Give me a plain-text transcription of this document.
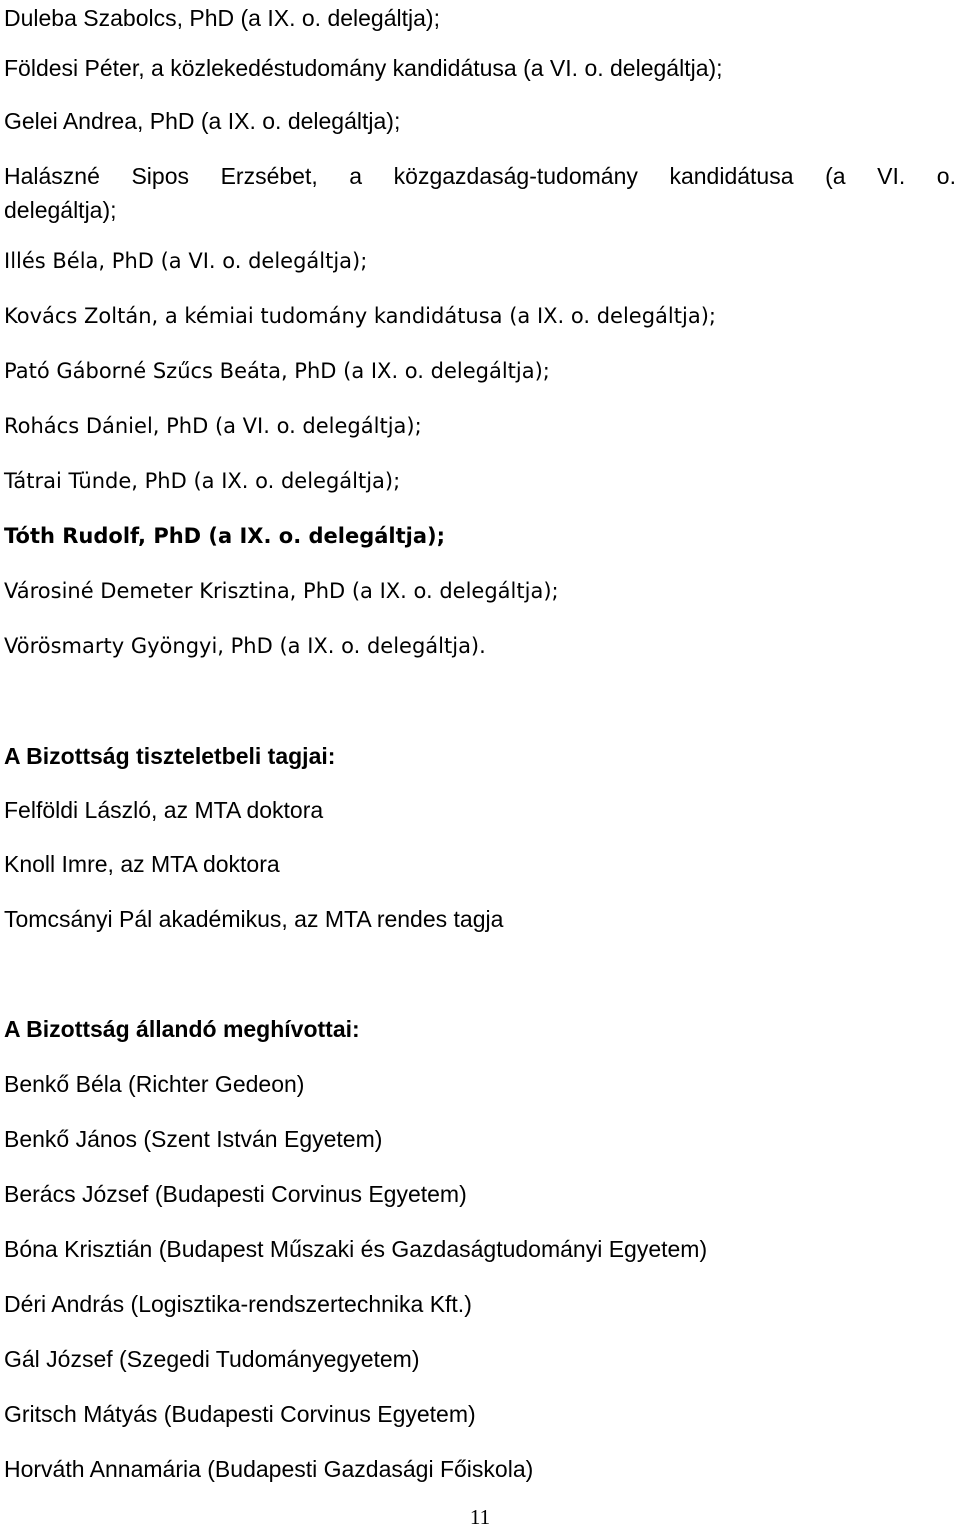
Duleba Szabolcs, PhD (a IX. o. delegáltja);

Földesi Péter, a közlekedéstudomány kandidátusa (a VI. o. delegáltja);

Gelei Andrea, PhD (a IX. o. delegáltja);

Halászné Sipos Erzsébet, a közgazdaság-tudomány kandidátusa (a VI. o.

delegáltja);

Illés Béla, PhD (a VI. o. delegáltja);

Kovács Zoltán, a kémiai tudomány kandidátusa (a IX. o. delegáltja);

Pató Gáborné Szűcs Beáta, PhD (a IX. o. delegáltja);

Rohács Dániel, PhD (a VI. o. delegáltja);

Tátrai Tünde, PhD (a IX. o. delegáltja);

Tóth Rudolf, PhD (a IX. o. delegáltja);

Városiné Demeter Krisztina, PhD (a IX. o. delegáltja);

Vörösmarty Gyöngyi, PhD (a IX. o. delegáltja).

A Bizottság tiszteletbeli tagjai:

Felföldi László, az MTA doktora

Knoll Imre, az MTA doktora

Tomcsányi Pál akadémikus, az MTA rendes tagja

A Bizottság állandó meghívottai:

Benkő Béla (Richter Gedeon)

Benkő János (Szent István Egyetem)

Berács József (Budapesti Corvinus Egyetem)

Bóna Krisztián (Budapest Műszaki és Gazdaságtudományi Egyetem)

Déri András (Logisztika-rendszertechnika Kft.)

Gál József (Szegedi Tudományegyetem)

Gritsch Mátyás (Budapesti Corvinus Egyetem)

Horváth Annamária (Budapesti Gazdasági Főiskola)

11
